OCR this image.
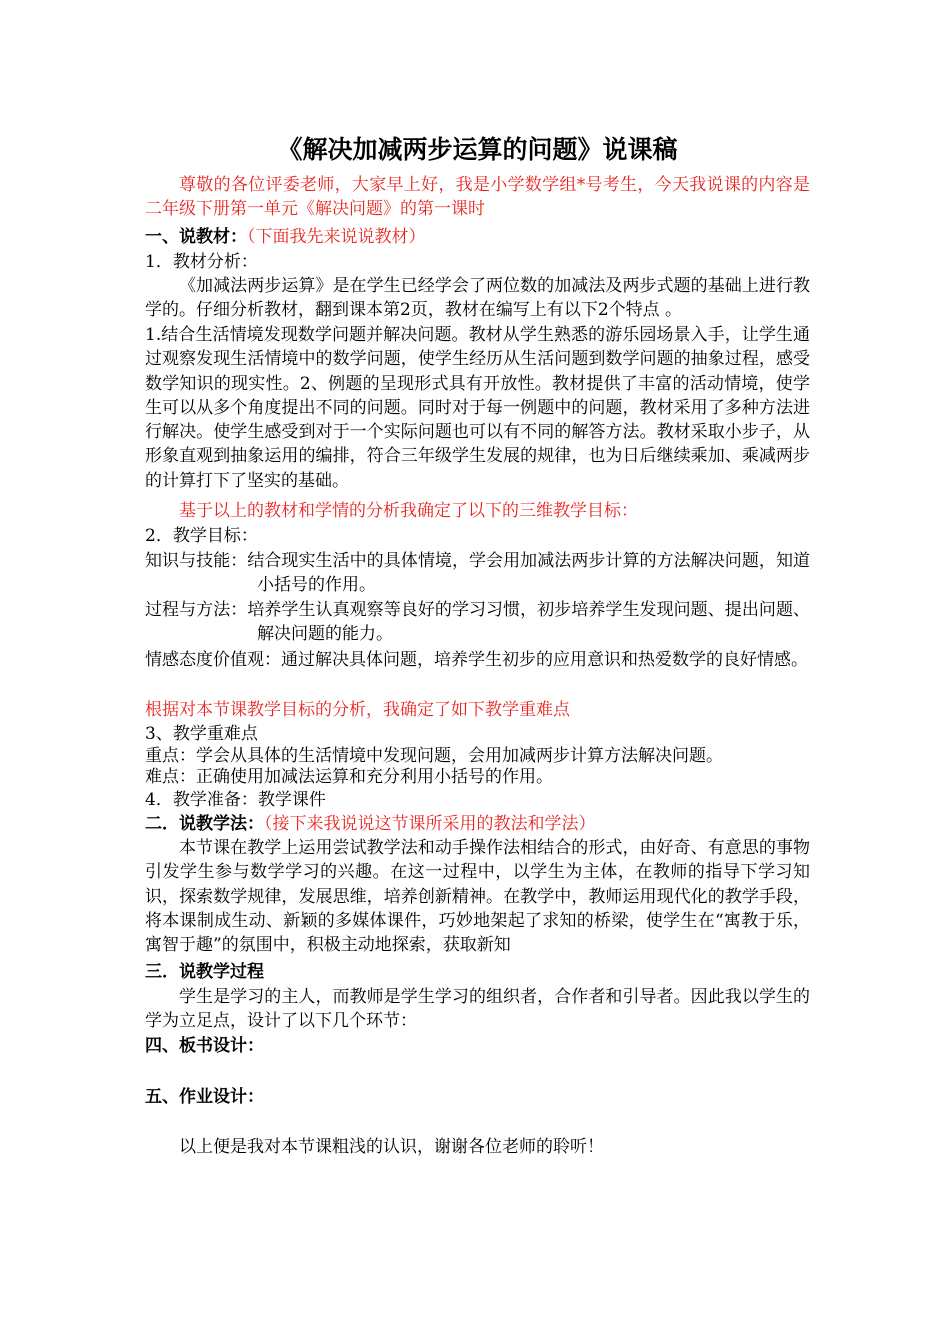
《解决加减两步运算的问题》说课稿
尊敬的各位评委老师，大家早上好，我是小学数学组*号考生，今天我说课的内容是二年级下册第一单元《解决问题》的第一课时
一、说教材：（下面我先来说说教材）
1．教材分析：
《加减法两步运算》是在学生已经学会了两位数的加减法及两步式题的基础上进行教学的。仔细分析教材，翻到课本第2页，教材在编写上有以下2个特点 。
1.结合生活情境发现数学问题并解决问题。教材从学生熟悉的游乐园场景入手，让学生通过观察发现生活情境中的数学问题，使学生经历从生活问题到数学问题的抽象过程，感受数学知识的现实性。2、例题的呈现形式具有开放性。教材提供了丰富的活动情境，使学生可以从多个角度提出不同的问题。同时对于每一例题中的问题，教材采用了多种方法进行解决。使学生感受到对于一个实际问题也可以有不同的解答方法。教材采取小步子，从形象直观到抽象运用的编排，符合三年级学生发展的规律，也为日后继续乘加、乘减两步的计算打下了坚实的基础。
基于以上的教材和学情的分析我确定了以下的三维教学目标：
2．教学目标：
知识与技能：结合现实生活中的具体情境，学会用加减法两步计算的方法解决问题，知道小括号的作用。
过程与方法：培养学生认真观察等良好的学习习惯，初步培养学生发现问题、提出问题、解决问题的能力。
情感态度价值观：通过解决具体问题，培养学生初步的应用意识和热爱数学的良好情感。
根据对本节课教学目标的分析，我确定了如下教学重难点
3、教学重难点
重点：学会从具体的生活情境中发现问题，会用加减两步计算方法解决问题。
难点：正确使用加减法运算和充分利用小括号的作用。
4．教学准备：教学课件
二．说教学法：（接下来我说说这节课所采用的教法和学法）
本节课在教学上运用尝试教学法和动手操作法相结合的形式，由好奇、有意思的事物引发学生参与数学学习的兴趣。在这一过程中，以学生为主体，在教师的指导下学习知识，探索数学规律，发展思维，培养创新精神。在教学中，教师运用现代化的教学手段，将本课制成生动、新颖的多媒体课件，巧妙地架起了求知的桥梁，使学生在“寓教于乐，寓智于趣”的氛围中，积极主动地探索，获取新知
三．说教学过程
学生是学习的主人，而教师是学生学习的组织者，合作者和引导者。因此我以学生的学为立足点，设计了以下几个环节：
四、板书设计：
五、作业设计：
以上便是我对本节课粗浅的认识，谢谢各位老师的聆听！
